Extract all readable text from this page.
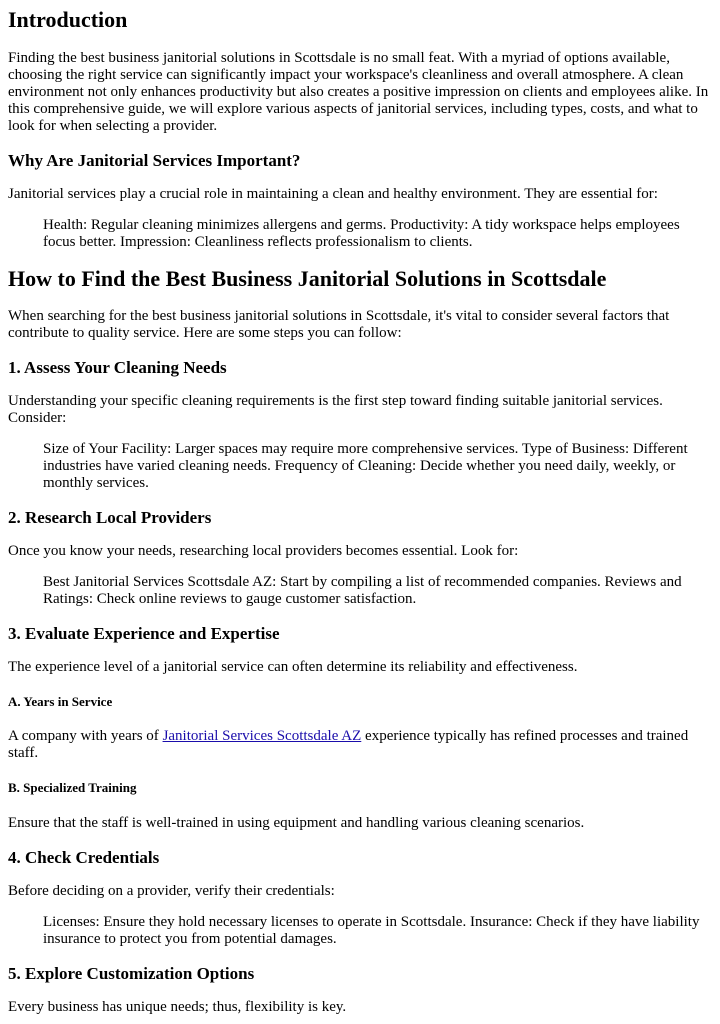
Introduction

Finding the best business janitorial solutions in Scottsdale is no small feat. With a myriad of options available, choosing the right service can significantly impact your workspace's cleanliness and overall atmosphere. A clean environment not only enhances productivity but also creates a positive impression on clients and employees alike. In this comprehensive guide, we will explore various aspects of janitorial services, including types, costs, and what to look for when selecting a provider.

Why Are Janitorial Services Important?

Janitorial services play a crucial role in maintaining a clean and healthy environment. They are essential for:

Health: Regular cleaning minimizes allergens and germs. Productivity: A tidy workspace helps employees focus better. Impression: Cleanliness reflects professionalism to clients.

How to Find the Best Business Janitorial Solutions in Scottsdale

When searching for the best business janitorial solutions in Scottsdale, it's vital to consider several factors that contribute to quality service. Here are some steps you can follow:

1. Assess Your Cleaning Needs

Understanding your specific cleaning requirements is the first step toward finding suitable janitorial services. Consider:

Size of Your Facility: Larger spaces may require more comprehensive services. Type of Business: Different industries have varied cleaning needs. Frequency of Cleaning: Decide whether you need daily, weekly, or monthly services.

2. Research Local Providers

Once you know your needs, researching local providers becomes essential. Look for:

Best Janitorial Services Scottsdale AZ: Start by compiling a list of recommended companies. Reviews and Ratings: Check online reviews to gauge customer satisfaction.

3. Evaluate Experience and Expertise

The experience level of a janitorial service can often determine its reliability and effectiveness.

A. Years in Service

A company with years of Janitorial Services Scottsdale AZ experience typically has refined processes and trained staff.

B. Specialized Training

Ensure that the staff is well-trained in using equipment and handling various cleaning scenarios.

4. Check Credentials

Before deciding on a provider, verify their credentials:

Licenses: Ensure they hold necessary licenses to operate in Scottsdale. Insurance: Check if they have liability insurance to protect you from potential damages.

5. Explore Customization Options

Every business has unique needs; thus, flexibility is key.
